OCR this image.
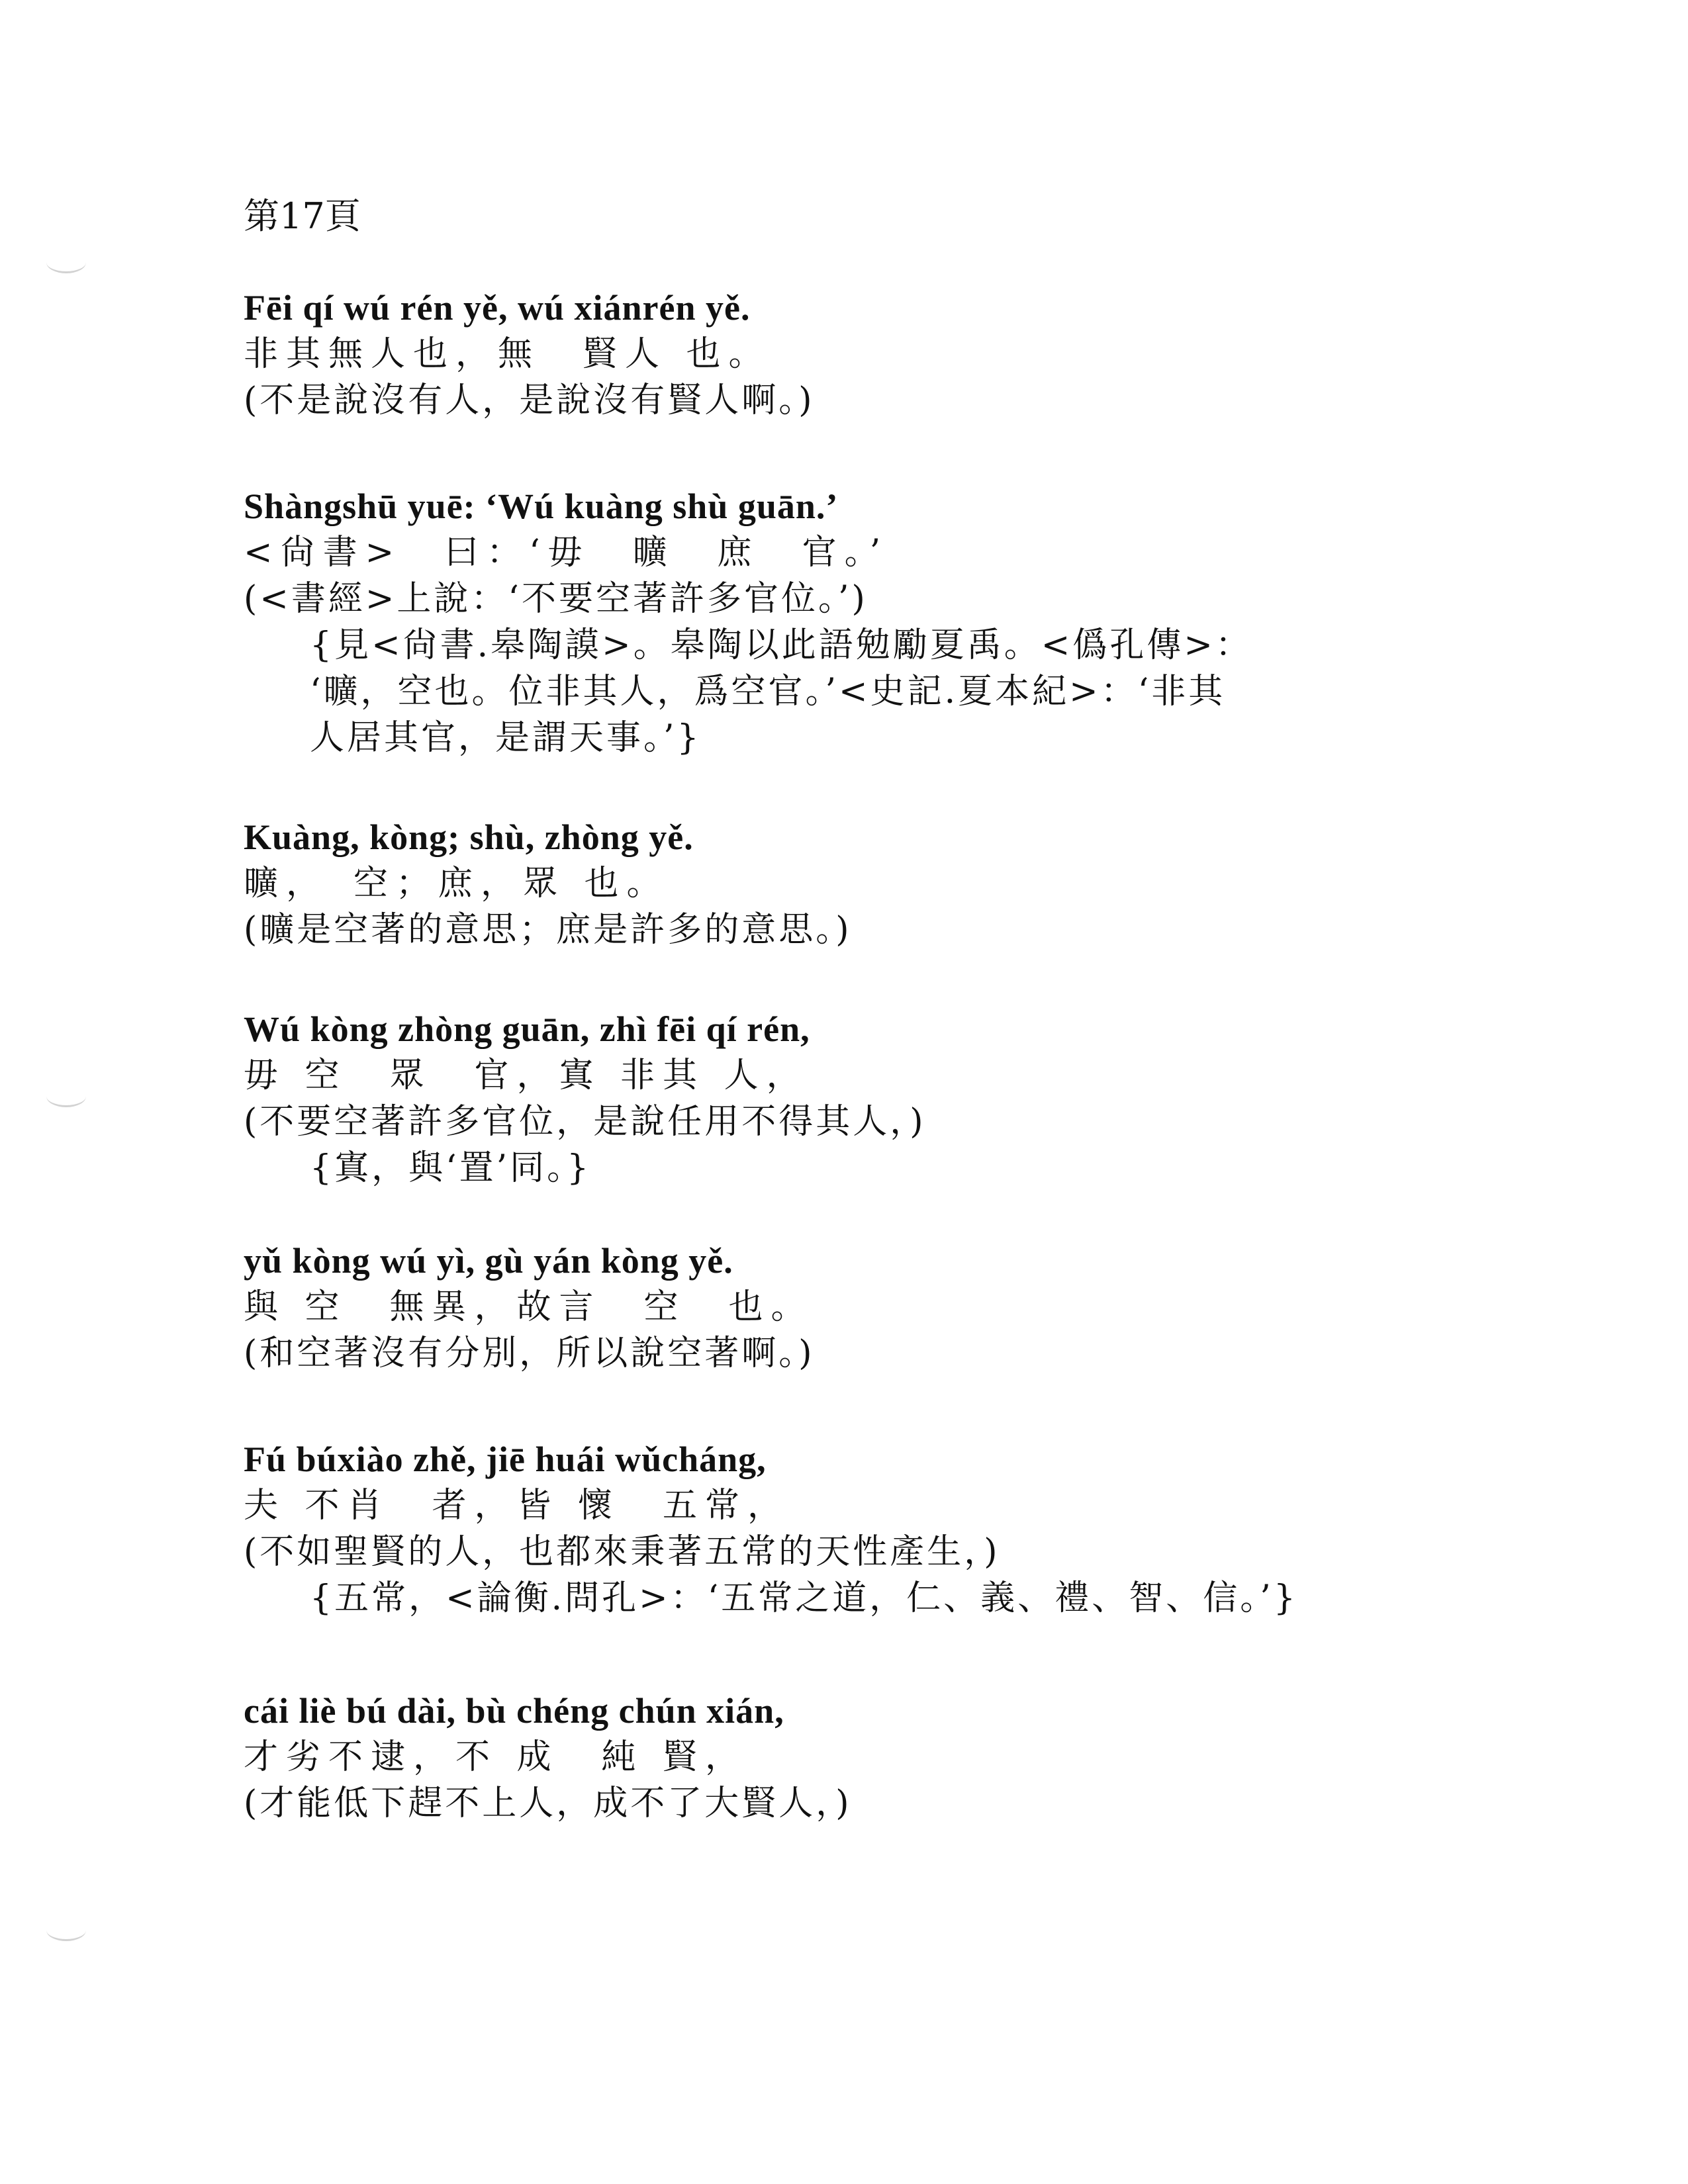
第17頁
Fēi qí wú rén yě, wú xiánrén yě.
非其無人也，無　賢人 也。
(不是說沒有人，是說沒有賢人啊。)
Shàngshū yuē: ‘Wú kuàng shù guān.’
<尙書>　曰：‘毋　曠　庶　官。’
(<書經>上說：‘不要空著許多官位。’)
{見<尙書.皋陶謨>。皋陶以此語勉勵夏禹。<僞孔傳>：
‘曠，空也。位非其人，爲空官。’<史記.夏本紀>：‘非其
人居其官，是謂天事。’}
Kuàng, kòng; shù, zhòng yě.
曠，　空；庶，眾 也。
(曠是空著的意思；庶是許多的意思。)
Wú kòng zhòng guān, zhì fēi qí rén,
毋 空　眾　官，寘 非其 人，
(不要空著許多官位，是說任用不得其人，)
{寘，與‘置’同。}
yǔ kòng wú yì, gù yán kòng yě.
與 空　無異，故言　空　也。
(和空著沒有分別，所以說空著啊。)
Fú búxiào zhě, jiē huái wǔcháng,
夫 不肖　者，皆 懷　五常，
(不如聖賢的人，也都來秉著五常的天性產生，)
{五常，<論衡.問孔>：‘五常之道，仁、義、禮、智、信。’}
cái liè bú dài, bù chéng chún xián,
才劣不逮，不 成　純 賢，
(才能低下趕不上人，成不了大賢人，)
